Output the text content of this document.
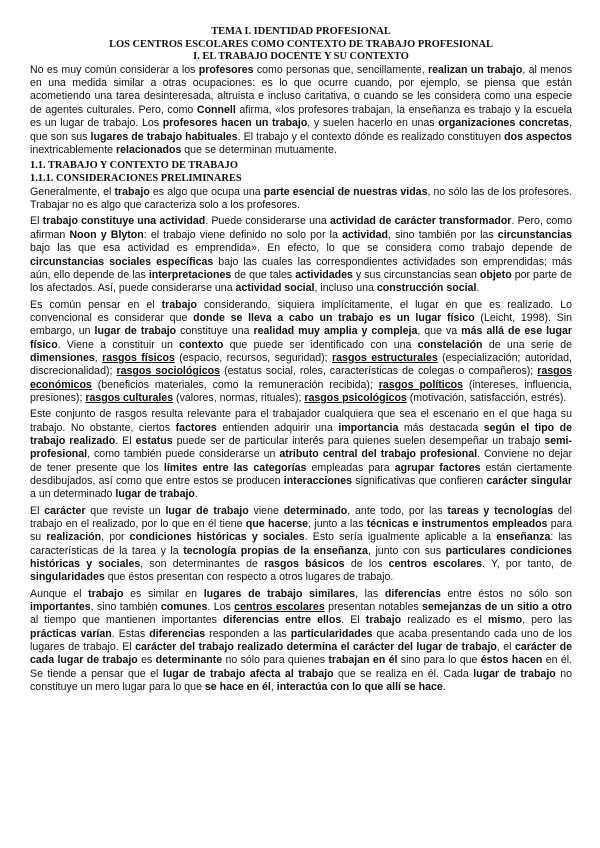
TEMA I. IDENTIDAD PROFESIONAL
LOS CENTROS ESCOLARES COMO CONTEXTO DE TRABAJO PROFESIONAL
I. EL TRABAJO DOCENTE Y SU CONTEXTO

No es muy común considerar a los profesores como personas que, sencillamente, realizan un trabajo, al menos en una medida similar a otras ocupaciones: es lo que ocurre cuando, por ejemplo, se piensa que están acometiendo una tarea desinteresada, altruista e incluso caritativa, o cuando se les considera como una especie de agentes culturales. Pero, como Connell afirma, «los profesores trabajan, la enseñanza es trabajo y la escuela es un lugar de trabajo. Los profesores hacen un trabajo, y suelen hacerlo en unas organizaciones concretas, que son sus lugares de trabajo habituales. El trabajo y el contexto dónde es realizado constituyen dos aspectos inextricablemente relacionados que se determinan mutuamente.

1.1. TRABAJO Y CONTEXTO DE TRABAJO
1.1.1. CONSIDERACIONES PRELIMINARES

Generalmente, el trabajo es algo que ocupa una parte esencial de nuestras vidas, no sólo las de los profesores. Trabajar no es algo que caracteriza solo a los profesores.

El trabajo constituye una actividad. Puede considerarse una actividad de carácter transformador. Pero, como afirman Noon y Blyton: el trabajo viene definido no solo por la actividad, sino también por las circunstancias bajo las que esa actividad es emprendida». En efecto, lo que se considera como trabajo depende de circunstancias sociales específicas bajo las cuales las correspondientes actividades son emprendidas; más aún, ello depende de las interpretaciones de que tales actividades y sus circunstancias sean objeto por parte de los afectados. Así, puede considerarse una actividad social, incluso una construcción social.

Es común pensar en el trabajo considerando, siquiera implícitamente, el lugar en que es realizado. Lo convencional es considerar que donde se lleva a cabo un trabajo es un lugar físico (Leicht, 1998). Sin embargo, un lugar de trabajo constituye una realidad muy amplia y compleja, que va más allá de ese lugar físico. Viene a constituir un contexto que puede ser identificado con una constelación de una serie de dimensiones, rasgos físicos (espacio, recursos, seguridad); rasgos estructurales (especialización; autoridad, discrecionalidad); rasgos sociológicos (estatus social, roles, características de colegas o compañeros); rasgos económicos (beneficios materiales, como la remuneración recibida); rasgos políticos (intereses, influencia, presiones); rasgos culturales (valores, normas, rituales); rasgos psicológicos (motivación, satisfacción, estrés).

Este conjunto de rasgos resulta relevante para el trabajador cualquiera que sea el escenario en el que haga su trabajo. No obstante, ciertos factores entienden adquirir una importancia más destacada según el tipo de trabajo realizado. El estatus puede ser de particular interés para quienes suelen desempeñar un trabajo semi-profesional, como también puede considerarse un atributo central del trabajo profesional. Conviene no dejar de tener presente que los límites entre las categorías empleadas para agrupar factores están ciertamente desdibujados, así como que entre estos se producen interacciones significativas que confieren carácter singular a un determinado lugar de trabajo.

El carácter que reviste un lugar de trabajo viene determinado, ante todo, por las tareas y tecnologías del trabajo en el realizado, por lo que en él tiene que hacerse, junto a las técnicas e instrumentos empleados para su realización, por condiciones históricas y sociales. Esto sería igualmente aplicable a la enseñanza: las características de la tarea y la tecnología propias de la enseñanza, junto con sus particulares condiciones históricas y sociales, son determinantes de rasgos básicos de los centros escolares. Y, por tanto, de singularidades que éstos presentan con respecto a otros lugares de trabajo.

Aunque el trabajo es similar en lugares de trabajo similares, las diferencias entre éstos no sólo son importantes, sino también comunes. Los centros escolares presentan notables semejanzas de un sitio a otro al tiempo que mantienen importantes diferencias entre ellos. El trabajo realizado es el mismo, pero las prácticas varían. Estas diferencias responden a las particularidades que acaba presentando cada uno de los lugares de trabajo. El carácter del trabajo realizado determina el carácter del lugar de trabajo, el carácter de cada lugar de trabajo es determinante no sólo para quienes trabajan en él sino para lo que éstos hacen en él. Se tiende a pensar que el lugar de trabajo afecta al trabajo que se realiza en él. Cada lugar de trabajo no constituye un mero lugar para lo que se hace en él, interactúa con lo que allí se hace.
